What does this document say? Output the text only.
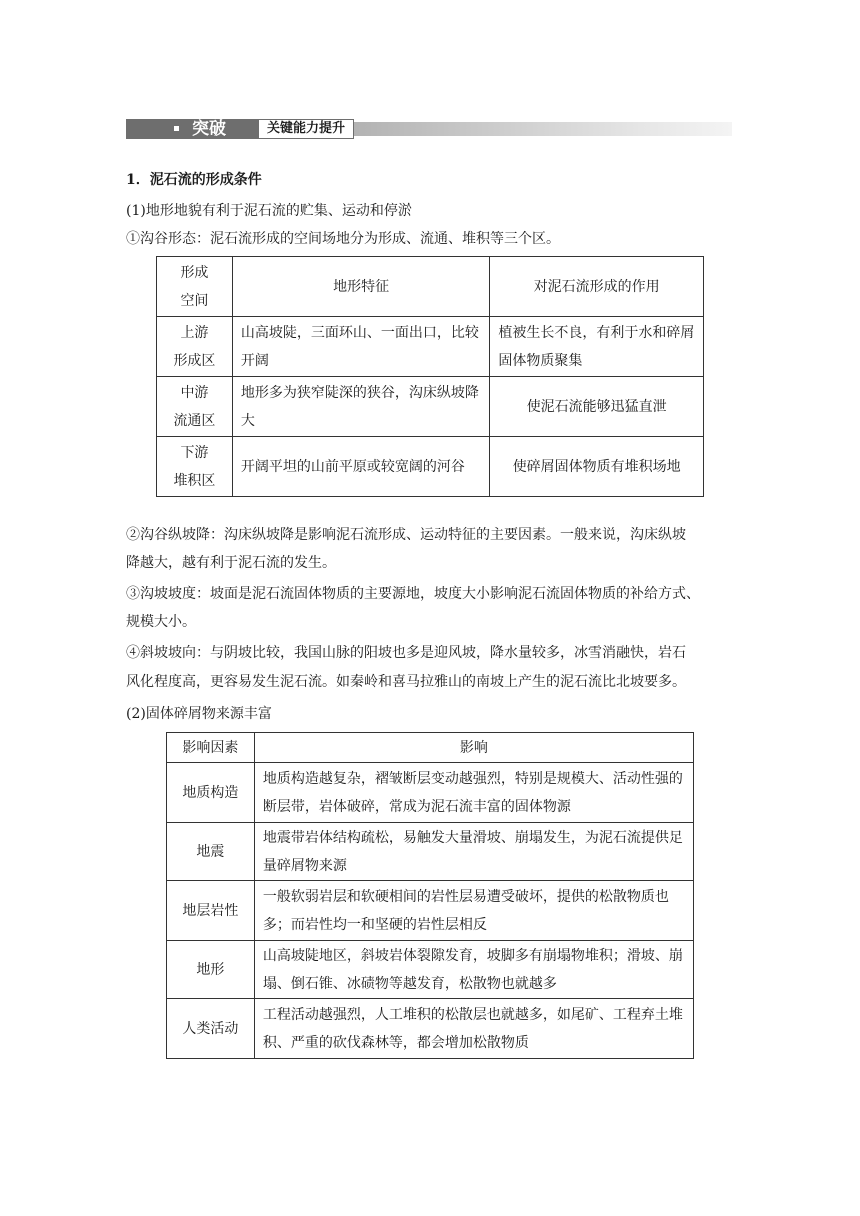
突破	关键能力提升
1．泥石流的形成条件
(1)地形地貌有利于泥石流的贮集、运动和停淤
①沟谷形态：泥石流形成的空间场地分为形成、流通、堆积等三个区。
形成
空间	地形特征	对泥石流形成的作用
上游
形成区	山高坡陡，三面环山、一面出口，比较开阔	植被生长不良，有利于水和碎屑固体物质聚集
中游
流通区	地形多为狭窄陡深的狭谷，沟床纵坡降大	使泥石流能够迅猛直泄
下游
堆积区	开阔平坦的山前平原或较宽阔的河谷	使碎屑固体物质有堆积场地
②沟谷纵坡降：沟床纵坡降是影响泥石流形成、运动特征的主要因素。一般来说，沟床纵坡
降越大，越有利于泥石流的发生。
③沟坡坡度：坡面是泥石流固体物质的主要源地，坡度大小影响泥石流固体物质的补给方式、
规模大小。
④斜坡坡向：与阴坡比较，我国山脉的阳坡也多是迎风坡，降水量较多，冰雪消融快，岩石
风化程度高，更容易发生泥石流。如秦岭和喜马拉雅山的南坡上产生的泥石流比北坡要多。
(2)固体碎屑物来源丰富
影响因素	影响
地质构造	地质构造越复杂，褶皱断层变动越强烈，特别是规模大、活动性强的断层带，岩体破碎，常成为泥石流丰富的固体物源
地震	地震带岩体结构疏松，易触发大量滑坡、崩塌发生，为泥石流提供足量碎屑物来源
地层岩性	一般软弱岩层和软硬相间的岩性层易遭受破坏，提供的松散物质也多；而岩性均一和坚硬的岩性层相反
地形	山高坡陡地区，斜坡岩体裂隙发育，坡脚多有崩塌物堆积；滑坡、崩塌、倒石锥、冰碛物等越发育，松散物也就越多
人类活动	工程活动越强烈，人工堆积的松散层也就越多，如尾矿、工程弃土堆积、严重的砍伐森林等，都会增加松散物质
